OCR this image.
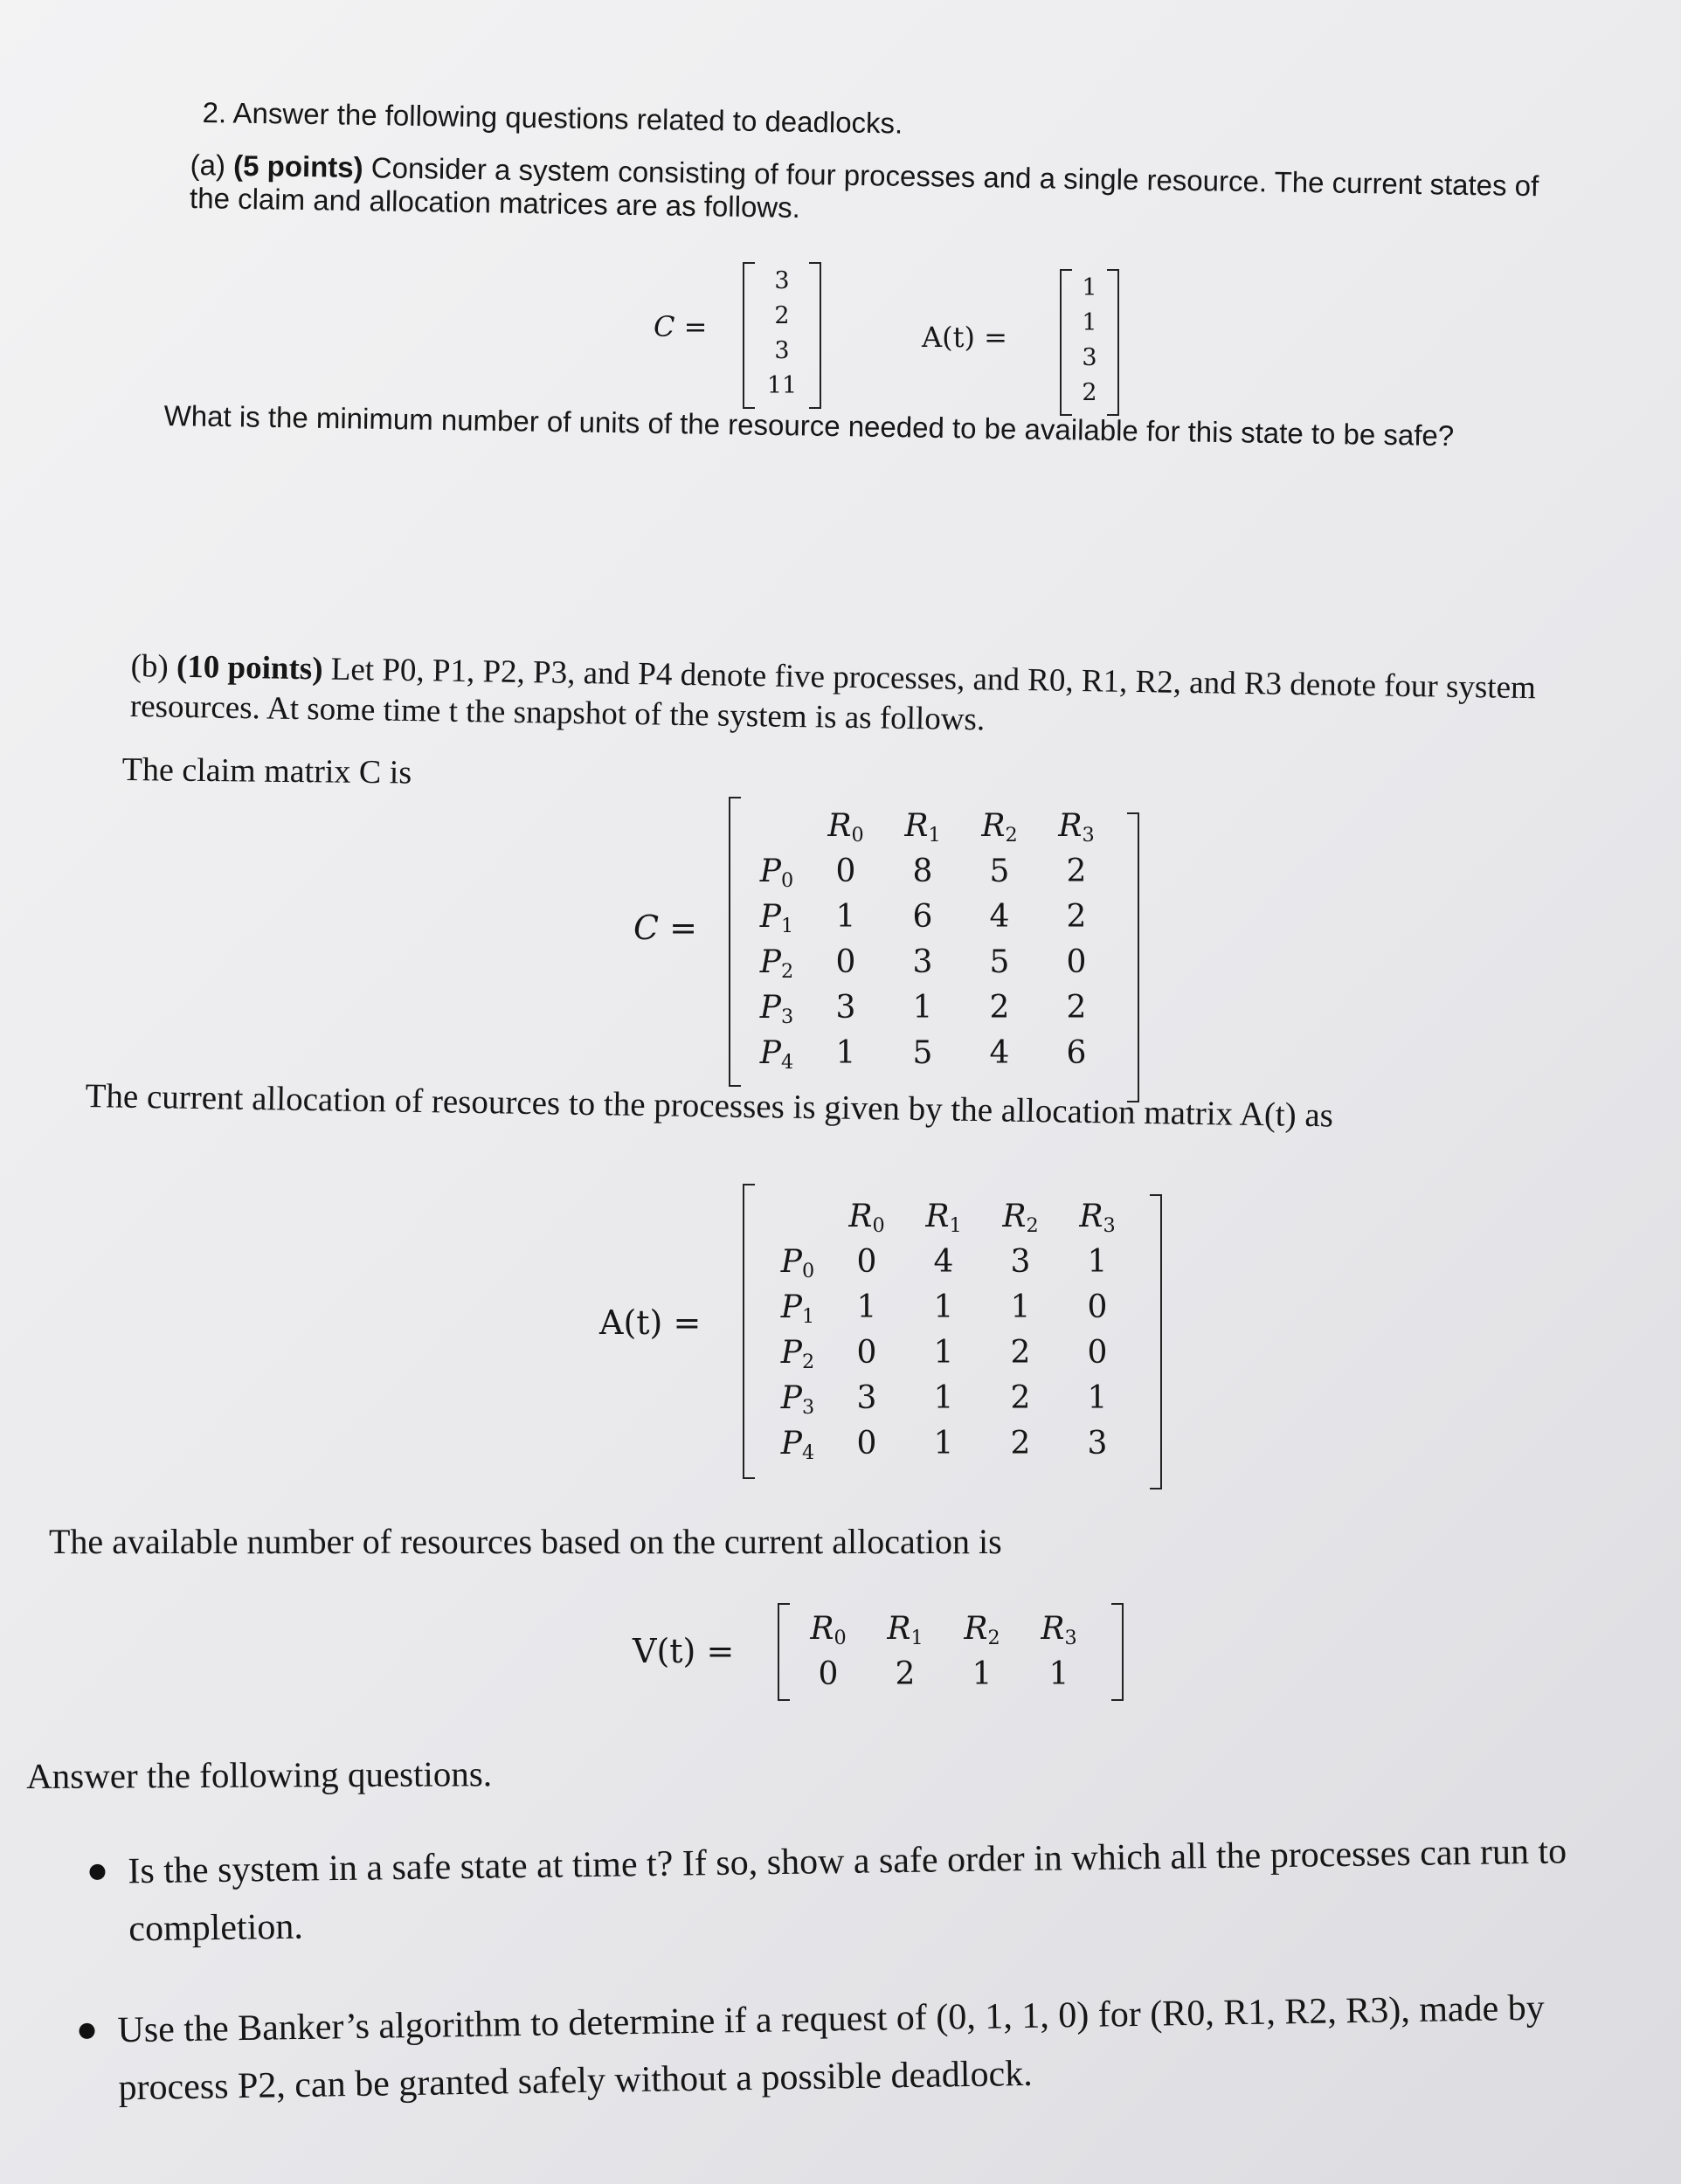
2. Answer the following questions related to deadlocks.
(a) (5 points) Consider a system consisting of four processes and a single resource. The current states of the claim and allocation matrices are as follows.
C =
3
2
3
11
A(t) =
1
1
3
2
What is the minimum number of units of the resource needed to be available for this state to be safe?
(b) (10 points) Let P0, P1, P2, P3, and P4 denote five processes, and R0, R1, R2, and R3 denote four system resources. At some time t the snapshot of the system is as follows.
The claim matrix C is
C =
$R_0$	$R_1$	$R_2$	$R_3$
$P_0$	0	8	5	2
$P_1$	1	6	4	2
$P_2$	0	3	5	0
$P_3$	3	1	2	2
$P_4$	1	5	4	6
The current allocation of resources to the processes is given by the allocation matrix A(t) as
A(t) =
$R_0$	$R_1$	$R_2$	$R_3$
$P_0$	0	4	3	1
$P_1$	1	1	1	0
$P_2$	0	1	2	0
$P_3$	3	1	2	1
$P_4$	0	1	2	3
The available number of resources based on the current allocation is
V(t) =
$R_0$	$R_1$	$R_2$	$R_3$
0	2	1	1
Answer the following questions.
Is the system in a safe state at time t? If so, show a safe order in which all the processes can run to completion.
Use the Banker’s algorithm to determine if a request of (0, 1, 1, 0) for (R0, R1, R2, R3), made by process P2, can be granted safely without a possible deadlock.
